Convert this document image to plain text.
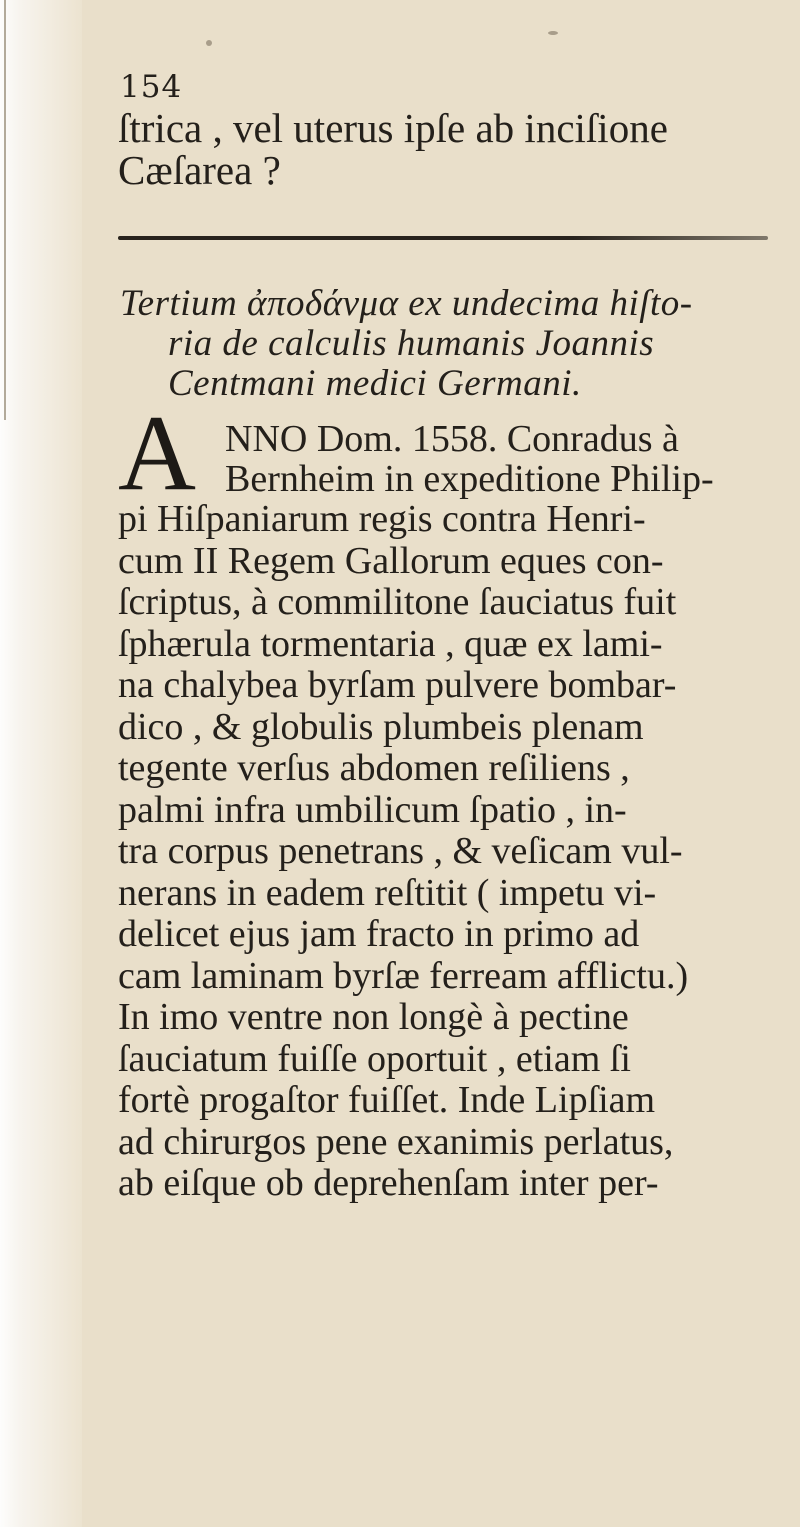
154
ſtrica , vel uterus ipſe ab inciſione
Cæſarea ?
Tertium ἀποδάνμα ex undecima hiſto-
ria de calculis humanis Joannis
Centmani medici Germani.
A NNO Dom. 1558. Conradus à
Bernheim in expeditione Philip-
pi Hiſpaniarum regis contra Henri-
cum II Regem Gallorum eques con-
ſcriptus, à commilitone ſauciatus fuit
ſphærula tormentaria , quæ ex lami-
na chalybea byrſam pulvere bombar-
dico , & globulis plumbeis plenam
tegente verſus abdomen reſiliens ,
palmi infra umbilicum ſpatio , in-
tra corpus penetrans , & veſicam vul-
nerans in eadem reſtitit ( impetu vi-
delicet ejus jam fracto in primo ad
cam laminam byrſæ ferream afflictu.)
In imo ventre non longè à pectine
ſauciatum fuiſſe oportuit , etiam ſi
fortè progaſtor fuiſſet. Inde Lipſiam
ad chirurgos pene exanimis perlatus,
ab eiſque ob deprehenſam inter per-
